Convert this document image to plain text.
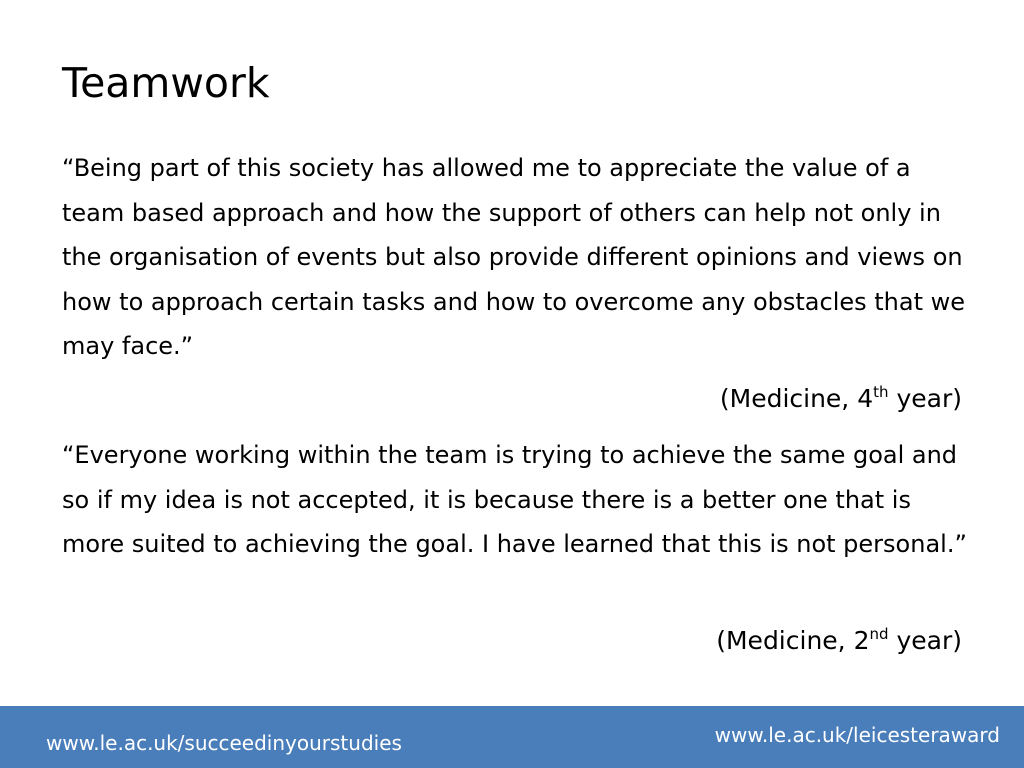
Teamwork

“Being part of this society has allowed me to appreciate the value of a team based approach and how the support of others can help not only in the organisation of events but also provide different opinions and views on how to approach certain tasks and how to overcome any obstacles that we may face.”

(Medicine, 4th year)

“Everyone working within the team is trying to achieve the same goal and so if my idea is not accepted, it is because there is a better one that is more suited to achieving the goal. I have learned that this is not personal.”

(Medicine, 2nd year)
www.le.ac.uk/succeedinyourstudies	www.le.ac.uk/leicesteraward
